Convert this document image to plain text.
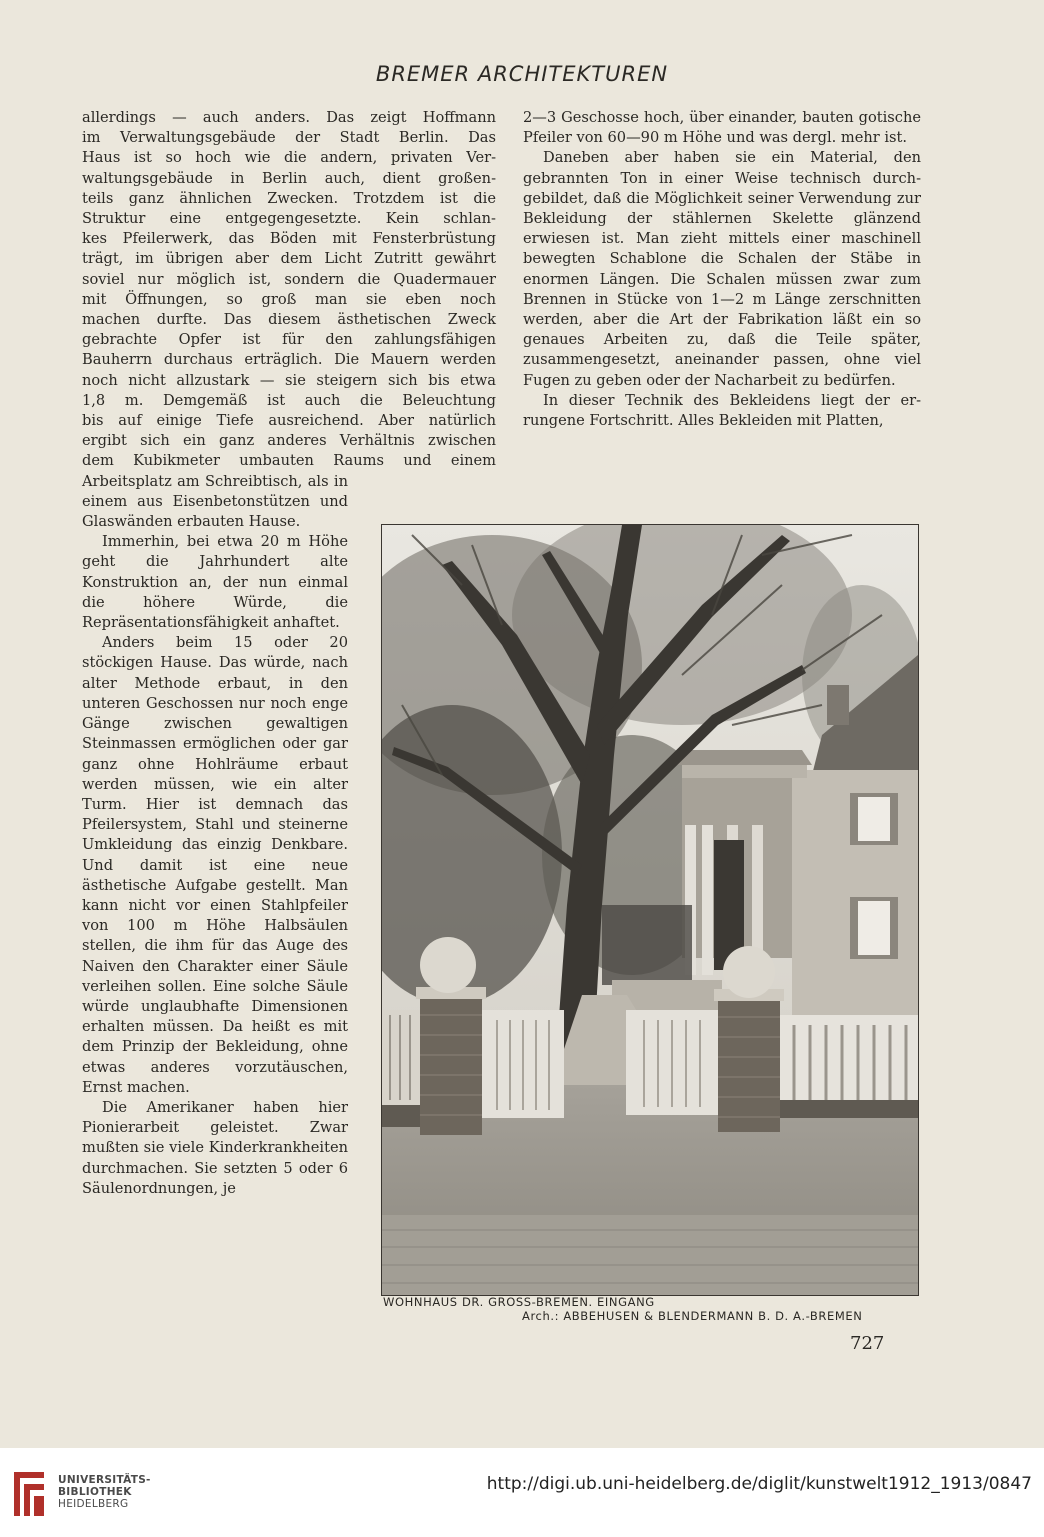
BREMER ARCHITEKTUREN

allerdings — auch anders. Das zeigt Hoffmann

im Verwaltungsgebäude der Stadt Berlin. Das

Haus ist so hoch wie die andern, privaten Ver-

waltungsgebäude in Berlin auch, dient großen-

teils ganz ähnlichen Zwecken. Trotzdem ist die

Struktur eine entgegengesetzte. Kein schlan-

kes Pfeilerwerk, das Böden mit Fensterbrüstung

trägt, im übrigen aber dem Licht Zutritt gewährt

soviel nur möglich ist, sondern die Quadermauer

mit Öffnungen, so groß man sie eben noch

machen durfte. Das diesem ästhetischen Zweck

gebrachte Opfer ist für den zahlungsfähigen

Bauherrn durchaus erträglich. Die Mauern werden

noch nicht allzustark — sie steigern sich bis etwa

1,8 m. Demgemäß ist auch die Beleuchtung

bis auf einige Tiefe ausreichend. Aber natürlich

ergibt sich ein ganz anderes Verhältnis zwischen

dem Kubikmeter umbauten Raums und einem

Arbeitsplatz am Schreibtisch, als in einem aus Eisenbetonstützen und Glaswänden erbauten Hause.

Immerhin, bei etwa 20 m Höhe geht die Jahrhundert alte Konstruktion an, der nun einmal die höhere Würde, die Repräsentationsfähigkeit anhaftet.

Anders beim 15 oder 20 stöckigen Hause. Das würde, nach alter Methode erbaut, in den unteren Geschossen nur noch enge Gänge zwischen gewaltigen Steinmassen ermöglichen oder gar ganz ohne Hohlräume erbaut werden müssen, wie ein alter Turm. Hier ist demnach das Pfeilersystem, Stahl und steinerne Umkleidung das einzig Denkbare. Und damit ist eine neue ästhetische Aufgabe gestellt. Man kann nicht vor einen Stahlpfeiler von 100 m Höhe Halbsäulen stellen, die ihm für das Auge des Naiven den Charakter einer Säule verleihen sollen. Eine solche Säule würde unglaubhafte Dimensionen erhalten müssen. Da heißt es mit dem Prinzip der Bekleidung, ohne etwas anderes vorzutäuschen, Ernst machen.

Die Amerikaner haben hier Pionierarbeit geleistet. Zwar mußten sie viele Kinderkrankheiten durchmachen. Sie setzten 5 oder 6 Säulenordnungen, je

2—3 Geschosse hoch, über einander, bauten gotische Pfeiler von 60—90 m Höhe und was dergl. mehr ist.

Daneben aber haben sie ein Material, den gebrannten Ton in einer Weise technisch durchgebildet, daß die Möglichkeit seiner Verwendung zur Bekleidung der stählernen Skelette glänzend erwiesen ist. Man zieht mittels einer maschinell bewegten Schablone die Schalen der Stäbe in enormen Längen. Die Schalen müssen zwar zum Brennen in Stücke von 1—2 m Länge zerschnitten werden, aber die Art der Fabrikation läßt ein so genaues Arbeiten zu, daß die Teile später, zusammengesetzt, aneinander passen, ohne viel Fugen zu geben oder der Nacharbeit zu bedürfen.

In dieser Technik des Bekleidens liegt der errungene Fortschritt. Alles Bekleiden mit Platten,

WOHNHAUS DR. GROSS-BREMEN. EINGANG
Arch.: ABBEHUSEN & BLENDERMANN B. D. A.-BREMEN
727
UNIVERSITÄTS-
BIBLIOTHEK
HEIDELBERG
http://digi.ub.uni-heidelberg.de/diglit/kunstwelt1912_1913/0847
